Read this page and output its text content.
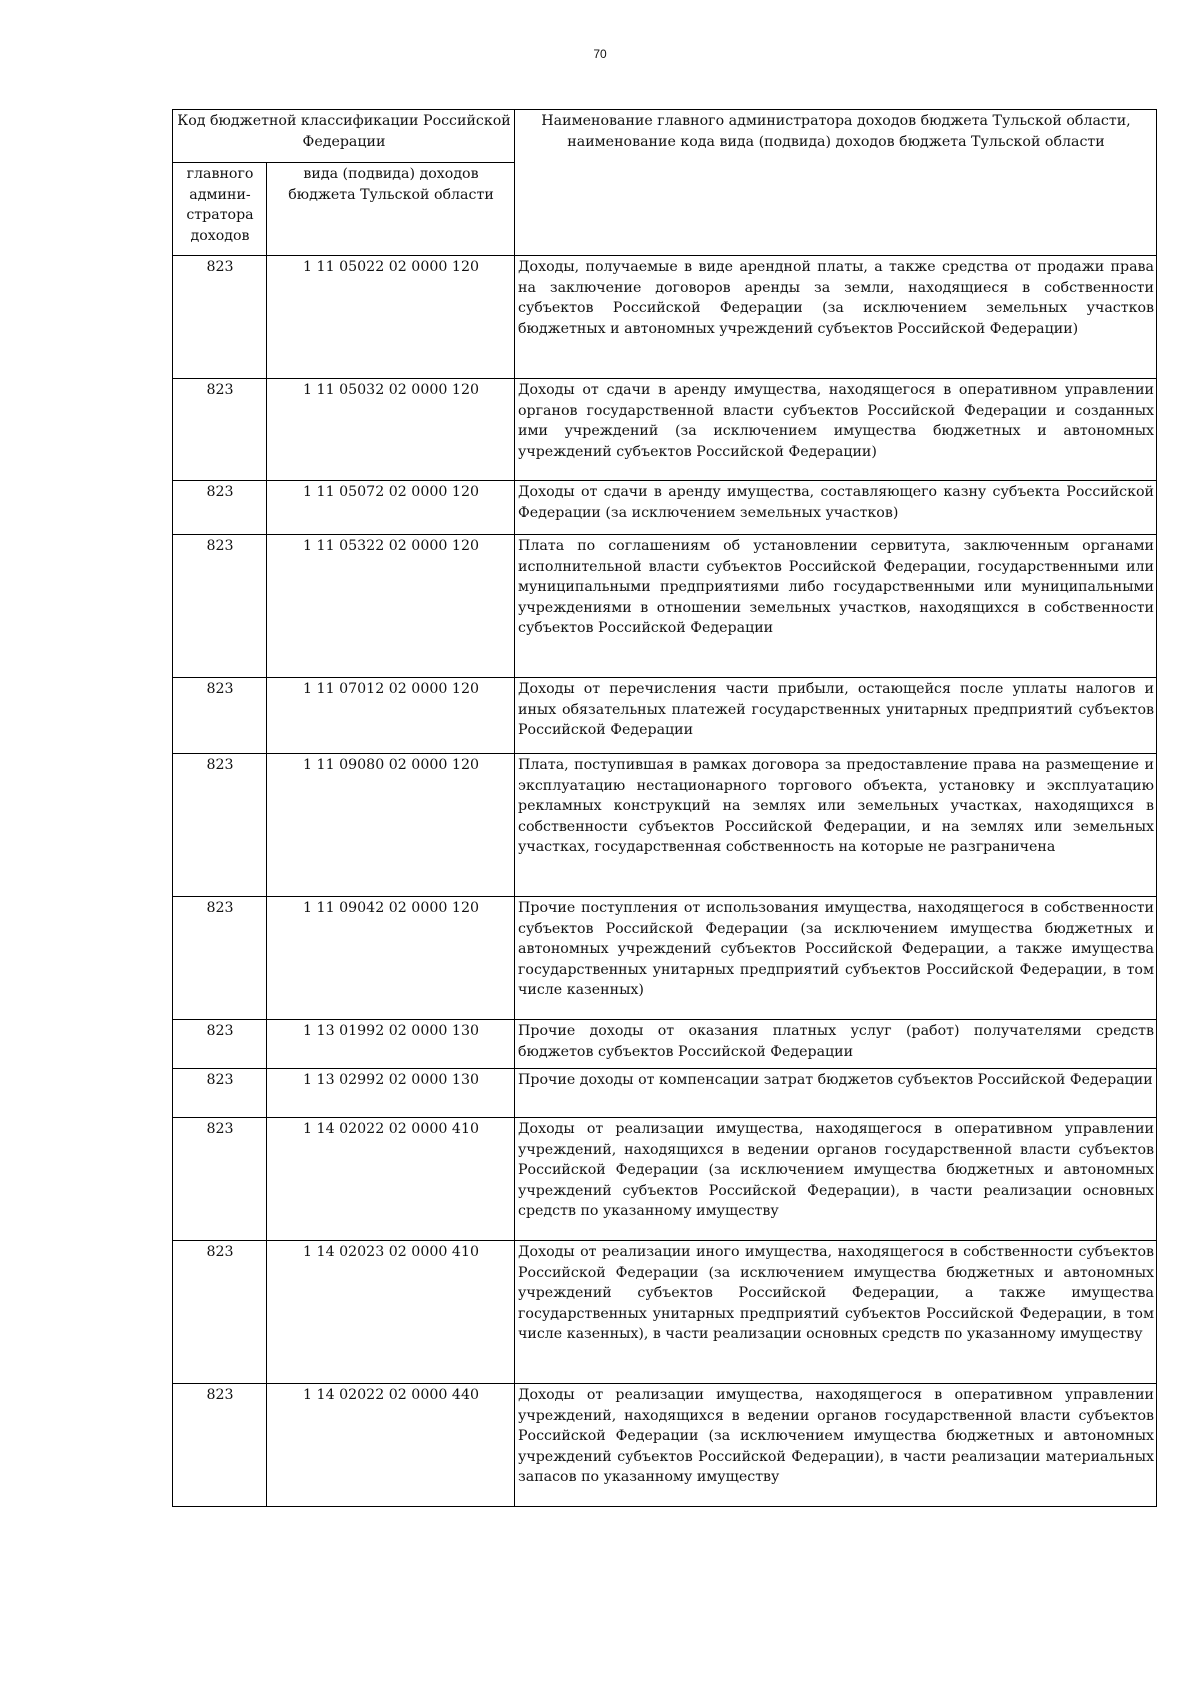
70
Код бюджетной классификации Российской Федерации		Наименование главного администратора доходов бюджета Тульской области, наименование кода вида (подвида) доходов бюджета Тульской области
главного админи-стратора доходов	вида (подвида) доходов бюджета Тульской области	
823	1 11 05022 02 0000 120	Доходы, получаемые в виде арендной платы, а также средства от продажи права на заключение договоров аренды за земли, находящиеся в собственности субъектов Российской Федерации (за исключением земельных участков бюджетных и автономных учреждений субъектов Российской Федерации)
823	1 11 05032 02 0000 120	Доходы от сдачи в аренду имущества, находящегося в оперативном управлении органов государственной власти субъектов Российской Федерации и созданных ими учреждений (за исключением имущества бюджетных и автономных учреждений субъектов Российской Федерации)
823	1 11 05072 02 0000 120	Доходы от сдачи в аренду имущества, составляющего казну субъекта Российской Федерации (за исключением земельных участков)
823	1 11 05322 02 0000 120	Плата по соглашениям об установлении сервитута, заключенным органами исполнительной власти субъектов Российской Федерации, государственными или муниципальными предприятиями либо государственными или муниципальными учреждениями в отношении земельных участков, находящихся в собственности субъектов Российской Федерации
823	1 11 07012 02 0000 120	Доходы от перечисления части прибыли, остающейся после уплаты налогов и иных обязательных платежей государственных унитарных предприятий субъектов Российской Федерации
823	1 11 09080 02 0000 120	Плата, поступившая в рамках договора за предоставление права на размещение и эксплуатацию нестационарного торгового объекта, установку и эксплуатацию рекламных конструкций на землях или земельных участках, находящихся в собственности субъектов Российской Федерации, и на землях или земельных участках, государственная собственность на которые не разграничена
823	1 11 09042 02 0000 120	Прочие поступления от использования имущества, находящегося в собственности субъектов Российской Федерации (за исключением имущества бюджетных и автономных учреждений субъектов Российской Федерации, а также имущества государственных унитарных предприятий субъектов Российской Федерации, в том числе казенных)
823	1 13 01992 02 0000 130	Прочие доходы от оказания платных услуг (работ) получателями средств бюджетов субъектов Российской Федерации
823	1 13 02992 02 0000 130	Прочие доходы от компенсации затрат бюджетов субъектов Российской Федерации
823	1 14 02022 02 0000 410	Доходы от реализации имущества, находящегося в оперативном управлении учреждений, находящихся в ведении органов государственной власти субъектов Российской Федерации (за исключением имущества бюджетных и автономных учреждений субъектов Российской Федерации), в части реализации основных средств по указанному имуществу
823	1 14 02023 02 0000 410	Доходы от реализации иного имущества, находящегося в собственности субъектов Российской Федерации (за исключением имущества бюджетных и автономных учреждений субъектов Российской Федерации, а также имущества государственных унитарных предприятий субъектов Российской Федерации, в том числе казенных), в части реализации основных средств по указанному имуществу
823	1 14 02022 02 0000 440	Доходы от реализации имущества, находящегося в оперативном управлении учреждений, находящихся в ведении органов государственной власти субъектов Российской Федерации (за исключением имущества бюджетных и автономных учреждений субъектов Российской Федерации), в части реализации материальных запасов по указанному имуществу
